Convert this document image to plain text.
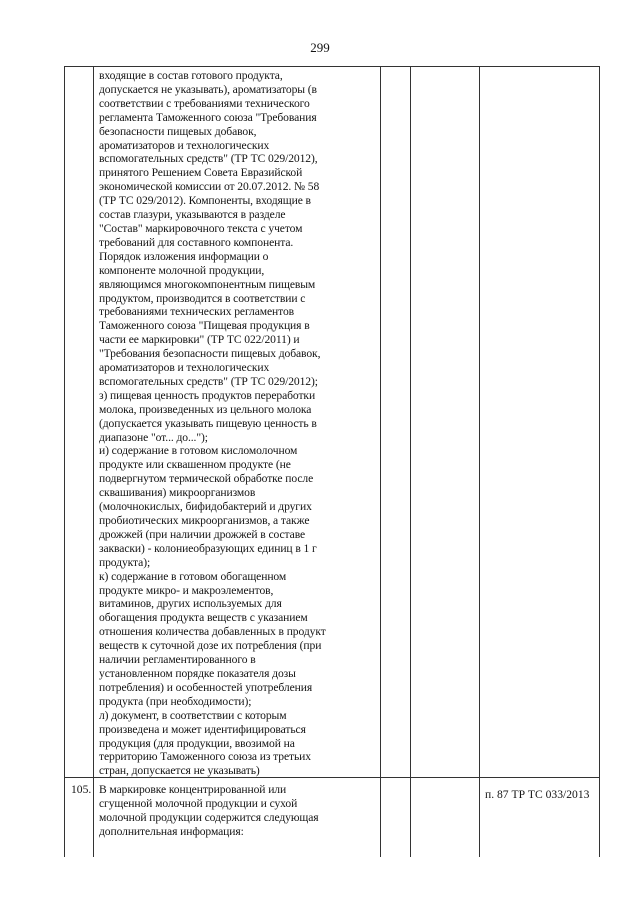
299
входящие в состав готового продукта,
допускается не указывать), ароматизаторы (в
соответствии с требованиями технического
регламента Таможенного союза "Требования
безопасности пищевых добавок,
ароматизаторов и технологических
вспомогательных средств" (ТР ТС 029/2012),
принятого Решением Совета Евразийской
экономической комиссии от 20.07.2012. № 58
(ТР ТС 029/2012). Компоненты, входящие в
состав глазури, указываются в разделе
"Состав" маркировочного текста с учетом
требований для составного компонента.
Порядок изложения информации о
компоненте молочной продукции,
являющимся многокомпонентным пищевым
продуктом, производится в соответствии с
требованиями технических регламентов
Таможенного союза "Пищевая продукция в
части ее маркировки" (ТР ТС 022/2011) и
"Требования безопасности пищевых добавок,
ароматизаторов и технологических
вспомогательных средств" (ТР ТС 029/2012);
з) пищевая ценность продуктов переработки
молока, произведенных из цельного молока
(допускается указывать пищевую ценность в
диапазоне "от... до...");
и) содержание в готовом кисломолочном
продукте или сквашенном продукте (не
подвергнутом термической обработке после
сквашивания) микроорганизмов
(молочнокислых, бифидобактерий и других
пробиотических микроорганизмов, а также
дрожжей (при наличии дрожжей в составе
закваски) - колониеобразующих единиц в 1 г
продукта);
к) содержание в готовом обогащенном
продукте микро- и макроэлементов,
витаминов, других используемых для
обогащения продукта веществ с указанием
отношения количества добавленных в продукт
веществ к суточной дозе их потребления (при
наличии регламентированного в
установленном порядке показателя дозы
потребления) и особенностей употребления
продукта (при необходимости);
л) документ, в соответствии с которым
произведена и может идентифицироваться
продукция (для продукции, ввозимой на
территорию Таможенного союза из третьих
стран, допускается не указывать)
105. В маркировке концентрированной или
сгущенной молочной продукции и сухой
молочной продукции содержится следующая
дополнительная информация:
п. 87 ТР ТС 033/2013
